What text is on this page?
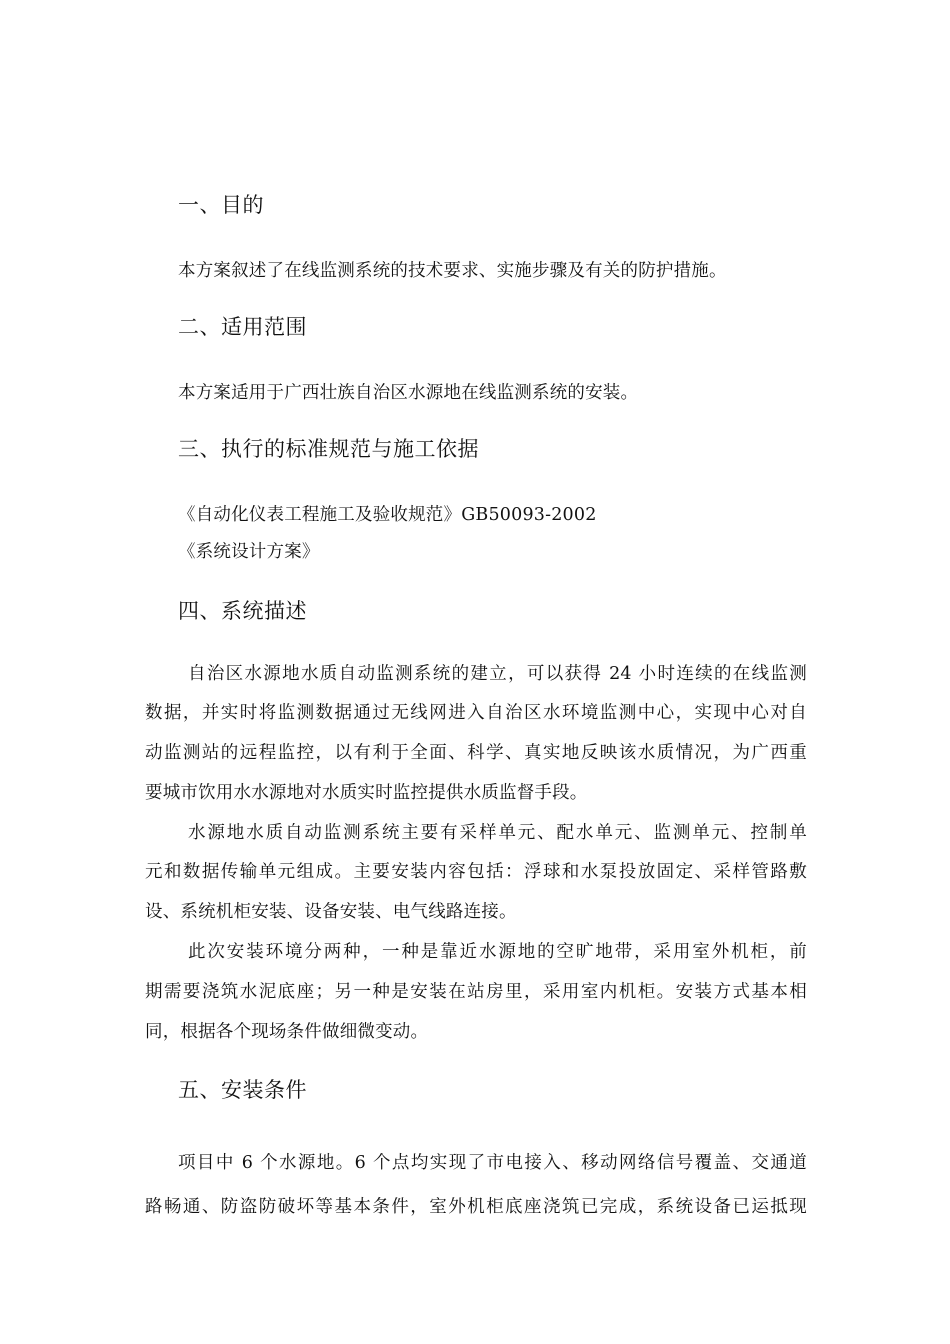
一、目的
本方案叙述了在线监测系统的技术要求、实施步骤及有关的防护措施。
二、适用范围
本方案适用于广西壮族自治区水源地在线监测系统的安装。
三、执行的标准规范与施工依据
《自动化仪表工程施工及验收规范》GB50093-2002
《系统设计方案》
四、系统描述
自治区水源地水质自动监测系统的建立，可以获得 24 小时连续的在线监测
数据，并实时将监测数据通过无线网进入自治区水环境监测中心，实现中心对自
动监测站的远程监控，以有利于全面、科学、真实地反映该水质情况，为广西重
要城市饮用水水源地对水质实时监控提供水质监督手段。
水源地水质自动监测系统主要有采样单元、配水单元、监测单元、控制单
元和数据传输单元组成。主要安装内容包括：浮球和水泵投放固定、采样管路敷
设、系统机柜安装、设备安装、电气线路连接。
此次安装环境分两种，一种是靠近水源地的空旷地带，采用室外机柜，前
期需要浇筑水泥底座；另一种是安装在站房里，采用室内机柜。安装方式基本相
同，根据各个现场条件做细微变动。
五、安装条件
项目中 6 个水源地。6 个点均实现了市电接入、移动网络信号覆盖、交通道
路畅通、防盗防破坏等基本条件，室外机柜底座浇筑已完成，系统设备已运抵现
